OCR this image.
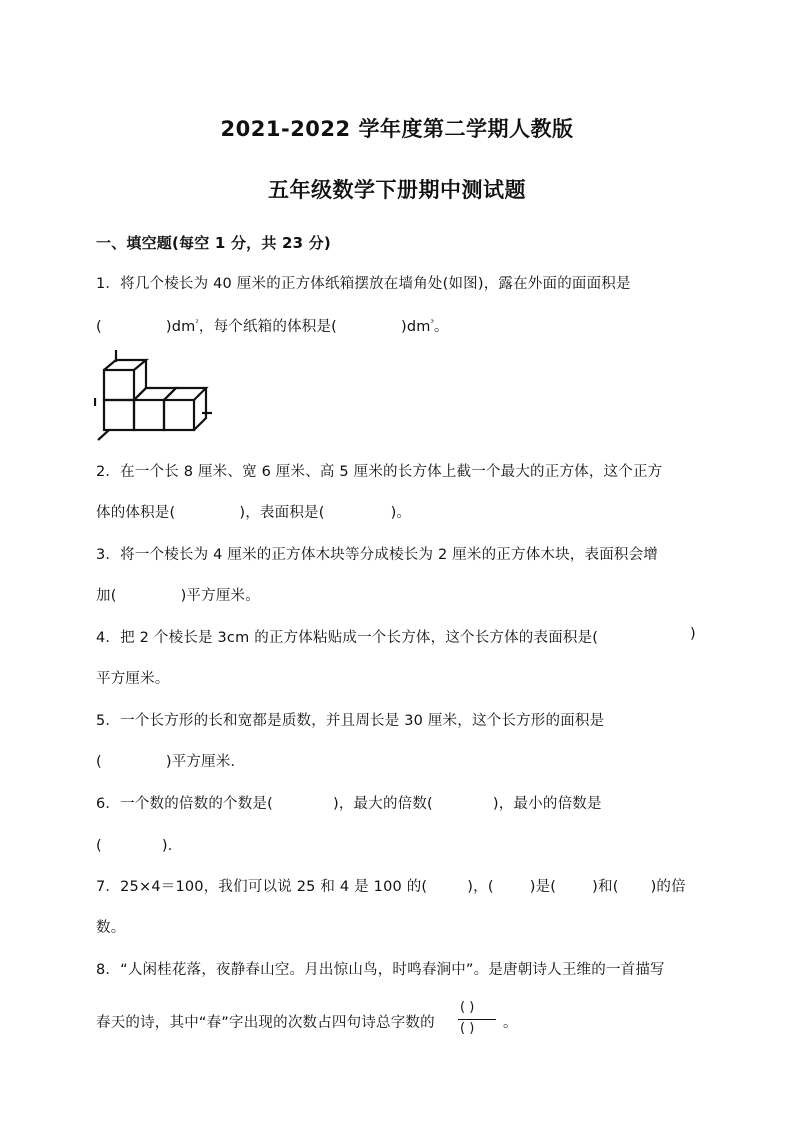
2021-2022 学年度第二学期人教版
五年级数学下册期中测试题
一、填空题(每空 1 分，共 23 分)
1．将几个棱长为 40 厘米的正方体纸箱摆放在墙角处(如图)，露在外面的面面积是
(	)$dm^{^2}$，每个纸箱的体积是(	)$dm^{^3}$。
2．在一个长 8 厘米、宽 6 厘米、高 5 厘米的长方体上截一个最大的正方体，这个正方
体的体积是(	)，表面积是(	)。
3．将一个棱长为 4 厘米的正方体木块等分成棱长为 2 厘米的正方体木块，表面积会增
加(	)平方厘米。
4．把 2 个棱长是 3cm 的正方体粘贴成一个长方体，这个长方体的表面积是(	)
平方厘米。
5．一个长方形的长和宽都是质数，并且周长是 30 厘米，这个长方形的面积是
(	)平方厘米．
6．一个数的倍数的个数是(	)，最大的倍数(	)，最小的倍数是
(	)．
7．25×4＝100，我们可以说 25 和 4 是 100 的(	)，( )是( )和( )的倍
数。
8．“人闲桂花落，夜静春山空。月出惊山鸟，时鸣春涧中”。是唐朝诗人王维的一首描写
春天的诗，其中“春”字出现的次数占四句诗总字数的
( )
( ) 。
